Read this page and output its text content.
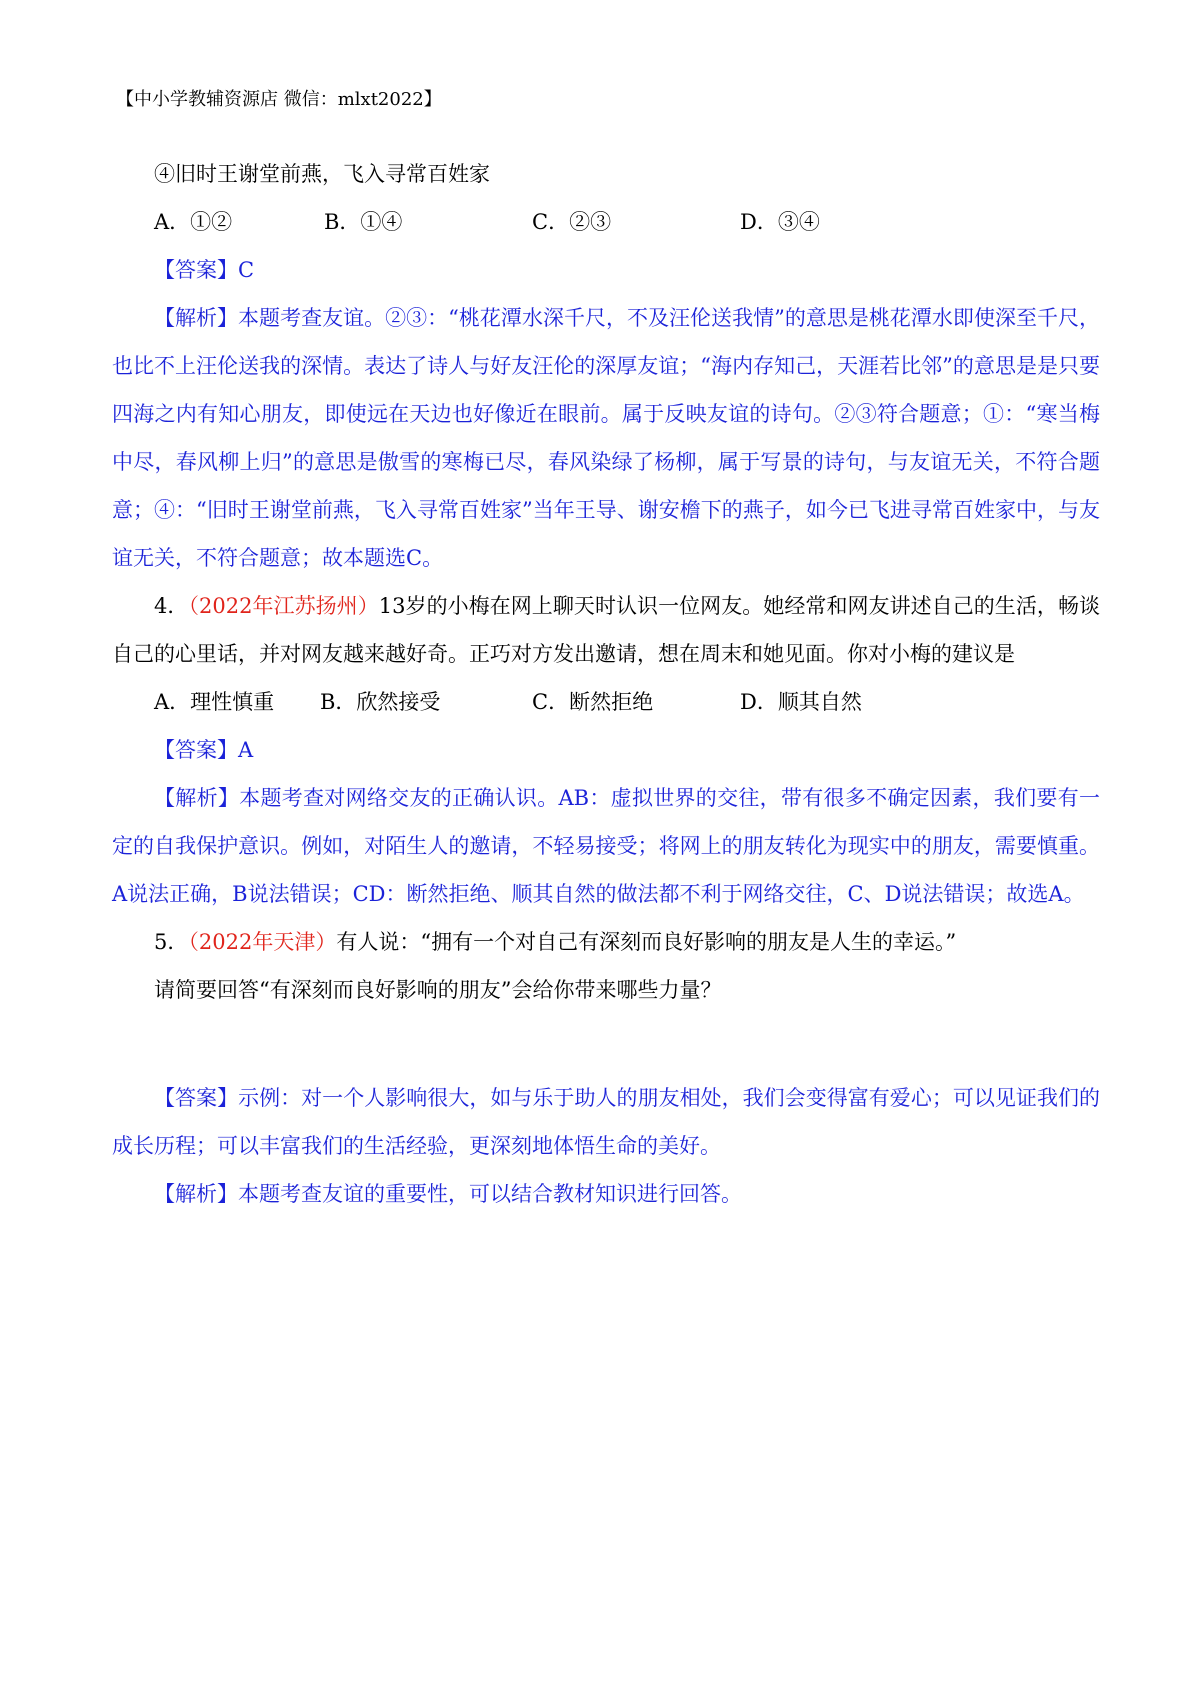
【中小学教辅资源店 微信：mlxt2022】
④旧时王谢堂前燕，飞入寻常百姓家
A．①②	B．①④	C．②③	D．③④
【答案】C
【解析】本题考查友谊。②③：“桃花潭水深千尺，不及汪伦送我情”的意思是桃花潭水即使深至千尺，也比不上汪伦送我的深情。表达了诗人与好友汪伦的深厚友谊；“海内存知己，天涯若比邻”的意思是是只要四海之内有知心朋友，即使远在天边也好像近在眼前。属于反映友谊的诗句。②③符合题意；①：“寒当梅中尽，春风柳上归”的意思是傲雪的寒梅已尽，春风染绿了杨柳，属于写景的诗句，与友谊无关，不符合题意；④：“旧时王谢堂前燕，飞入寻常百姓家”当年王导、谢安檐下的燕子，如今已飞进寻常百姓家中，与友谊无关，不符合题意；故本题选C。
4．（2022年江苏扬州）13岁的小梅在网上聊天时认识一位网友。她经常和网友讲述自己的生活，畅谈自己的心里话，并对网友越来越好奇。正巧对方发出邀请，想在周末和她见面。你对小梅的建议是
A．理性慎重 B．欣然接受	C．断然拒绝	D．顺其自然
【答案】A
【解析】本题考查对网络交友的正确认识。AB：虚拟世界的交往，带有很多不确定因素，我们要有一定的自我保护意识。例如，对陌生人的邀请，不轻易接受；将网上的朋友转化为现实中的朋友，需要慎重。A说法正确，B说法错误；CD：断然拒绝、顺其自然的做法都不利于网络交往，C、D说法错误；故选A。
5．（2022年天津）有人说：“拥有一个对自己有深刻而良好影响的朋友是人生的幸运。”
请简要回答“有深刻而良好影响的朋友”会给你带来哪些力量？
【答案】示例：对一个人影响很大，如与乐于助人的朋友相处，我们会变得富有爱心；可以见证我们的成长历程；可以丰富我们的生活经验，更深刻地体悟生命的美好。
【解析】本题考查友谊的重要性，可以结合教材知识进行回答。
